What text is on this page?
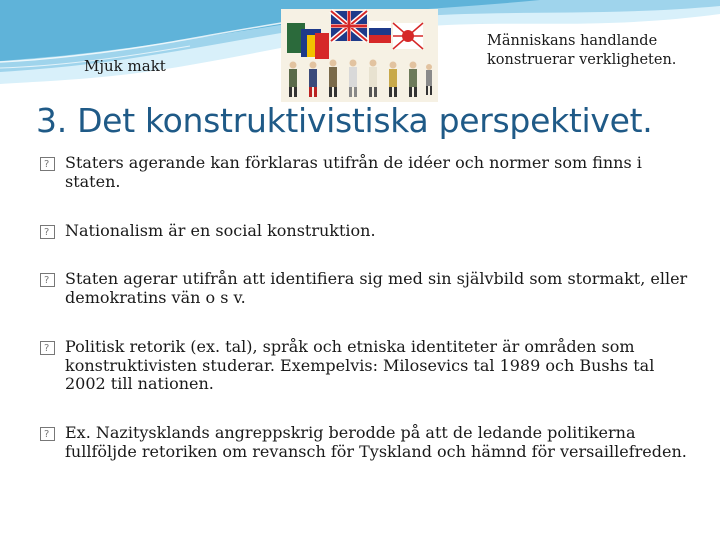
Mjuk makt
Människans handlande konstruerar verkligheten.
3. Det konstruktivistiska perspektivet.
?
Staters agerande kan förklaras utifrån de idéer och normer som finns i staten.
?
Nationalism är en social konstruktion.
?
Staten agerar utifrån att identifiera sig med sin självbild som stormakt, eller demokratins vän o s v.
?
Politisk retorik (ex. tal), språk och etniska identiteter är områden som konstruktivisten studerar. Exempelvis: Milosevics tal 1989 och Bushs tal 2002 till nationen.
?
Ex. Nazitysklands angreppskrig berodde på att de ledande politikerna fullföljde retoriken om revansch för Tyskland och hämnd för versaillefreden.
